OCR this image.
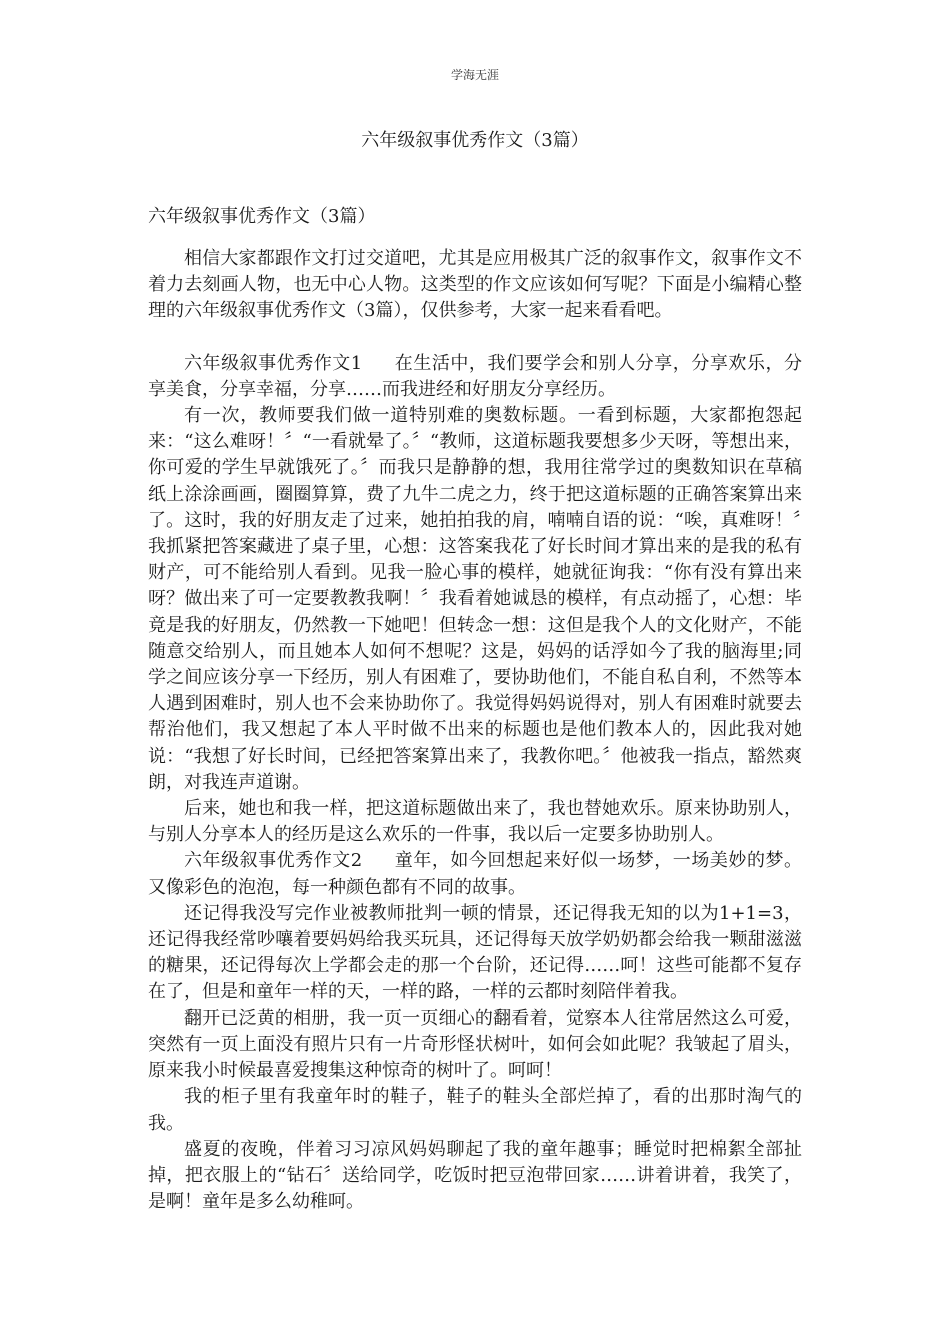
学海无涯
六年级叙事优秀作文（3篇）
六年级叙事优秀作文（3篇）

相信大家都跟作文打过交道吧，尤其是应用极其广泛的叙事作文，叙事作文不着力去刻画人物，也无中心人物。这类型的作文应该如何写呢？下面是小编精心整理的六年级叙事优秀作文（3篇），仅供参考，大家一起来看看吧。

六年级叙事优秀作文1 在生活中，我们要学会和别人分享，分享欢乐，分享美食，分享幸福，分享……而我进经和好朋友分享经历。

有一次，教师要我们做一道特别难的奥数标题。一看到标题，大家都抱怨起来：“这么难呀！〞“一看就晕了。〞“教师，这道标题我要想多少天呀，等想出来，你可爱的学生早就饿死了。〞而我只是静静的想，我用往常学过的奥数知识在草稿纸上涂涂画画，圈圈算算，费了九牛二虎之力，终于把这道标题的正确答案算出来了。这时，我的好朋友走了过来，她拍拍我的肩，喃喃自语的说：“唉，真难呀！〞我抓紧把答案藏进了桌子里，心想：这答案我花了好长时间才算出来的是我的私有财产，可不能给别人看到。见我一脸心事的模样，她就征询我：“你有没有算出来呀？做出来了可一定要教教我啊！〞我看着她诚恳的模样，有点动摇了，心想：毕竟是我的好朋友，仍然教一下她吧！但转念一想：这但是我个人的文化财产，不能随意交给别人，而且她本人如何不想呢？这是，妈妈的话浮如今了我的脑海里;同学之间应该分享一下经历，别人有困难了，要协助他们，不能自私自利，不然等本人遇到困难时，别人也不会来协助你了。我觉得妈妈说得对，别人有困难时就要去帮治他们，我又想起了本人平时做不出来的标题也是他们教本人的，因此我对她说：“我想了好长时间，已经把答案算出来了，我教你吧。〞他被我一指点，豁然爽朗，对我连声道谢。

后来，她也和我一样，把这道标题做出来了，我也替她欢乐。原来协助别人，与别人分享本人的经历是这么欢乐的一件事，我以后一定要多协助别人。

六年级叙事优秀作文2 童年，如今回想起来好似一场梦，一场美妙的梦。又像彩色的泡泡，每一种颜色都有不同的故事。

还记得我没写完作业被教师批判一顿的情景，还记得我无知的以为1+1=3，还记得我经常吵嚷着要妈妈给我买玩具，还记得每天放学奶奶都会给我一颗甜滋滋的糖果，还记得每次上学都会走的那一个台阶，还记得……呵！这些可能都不复存在了，但是和童年一样的天，一样的路，一样的云都时刻陪伴着我。

翻开已泛黄的相册，我一页一页细心的翻看着，觉察本人往常居然这么可爱，突然有一页上面没有照片只有一片奇形怪状树叶，如何会如此呢？我皱起了眉头，原来我小时候最喜爱搜集这种惊奇的树叶了。呵呵！

我的柜子里有我童年时的鞋子，鞋子的鞋头全部烂掉了，看的出那时淘气的我。

盛夏的夜晚，伴着习习凉风妈妈聊起了我的童年趣事；睡觉时把棉絮全部扯掉，把衣服上的“钻石〞送给同学，吃饭时把豆泡带回家……讲着讲着，我笑了，是啊！童年是多么幼稚呵。
